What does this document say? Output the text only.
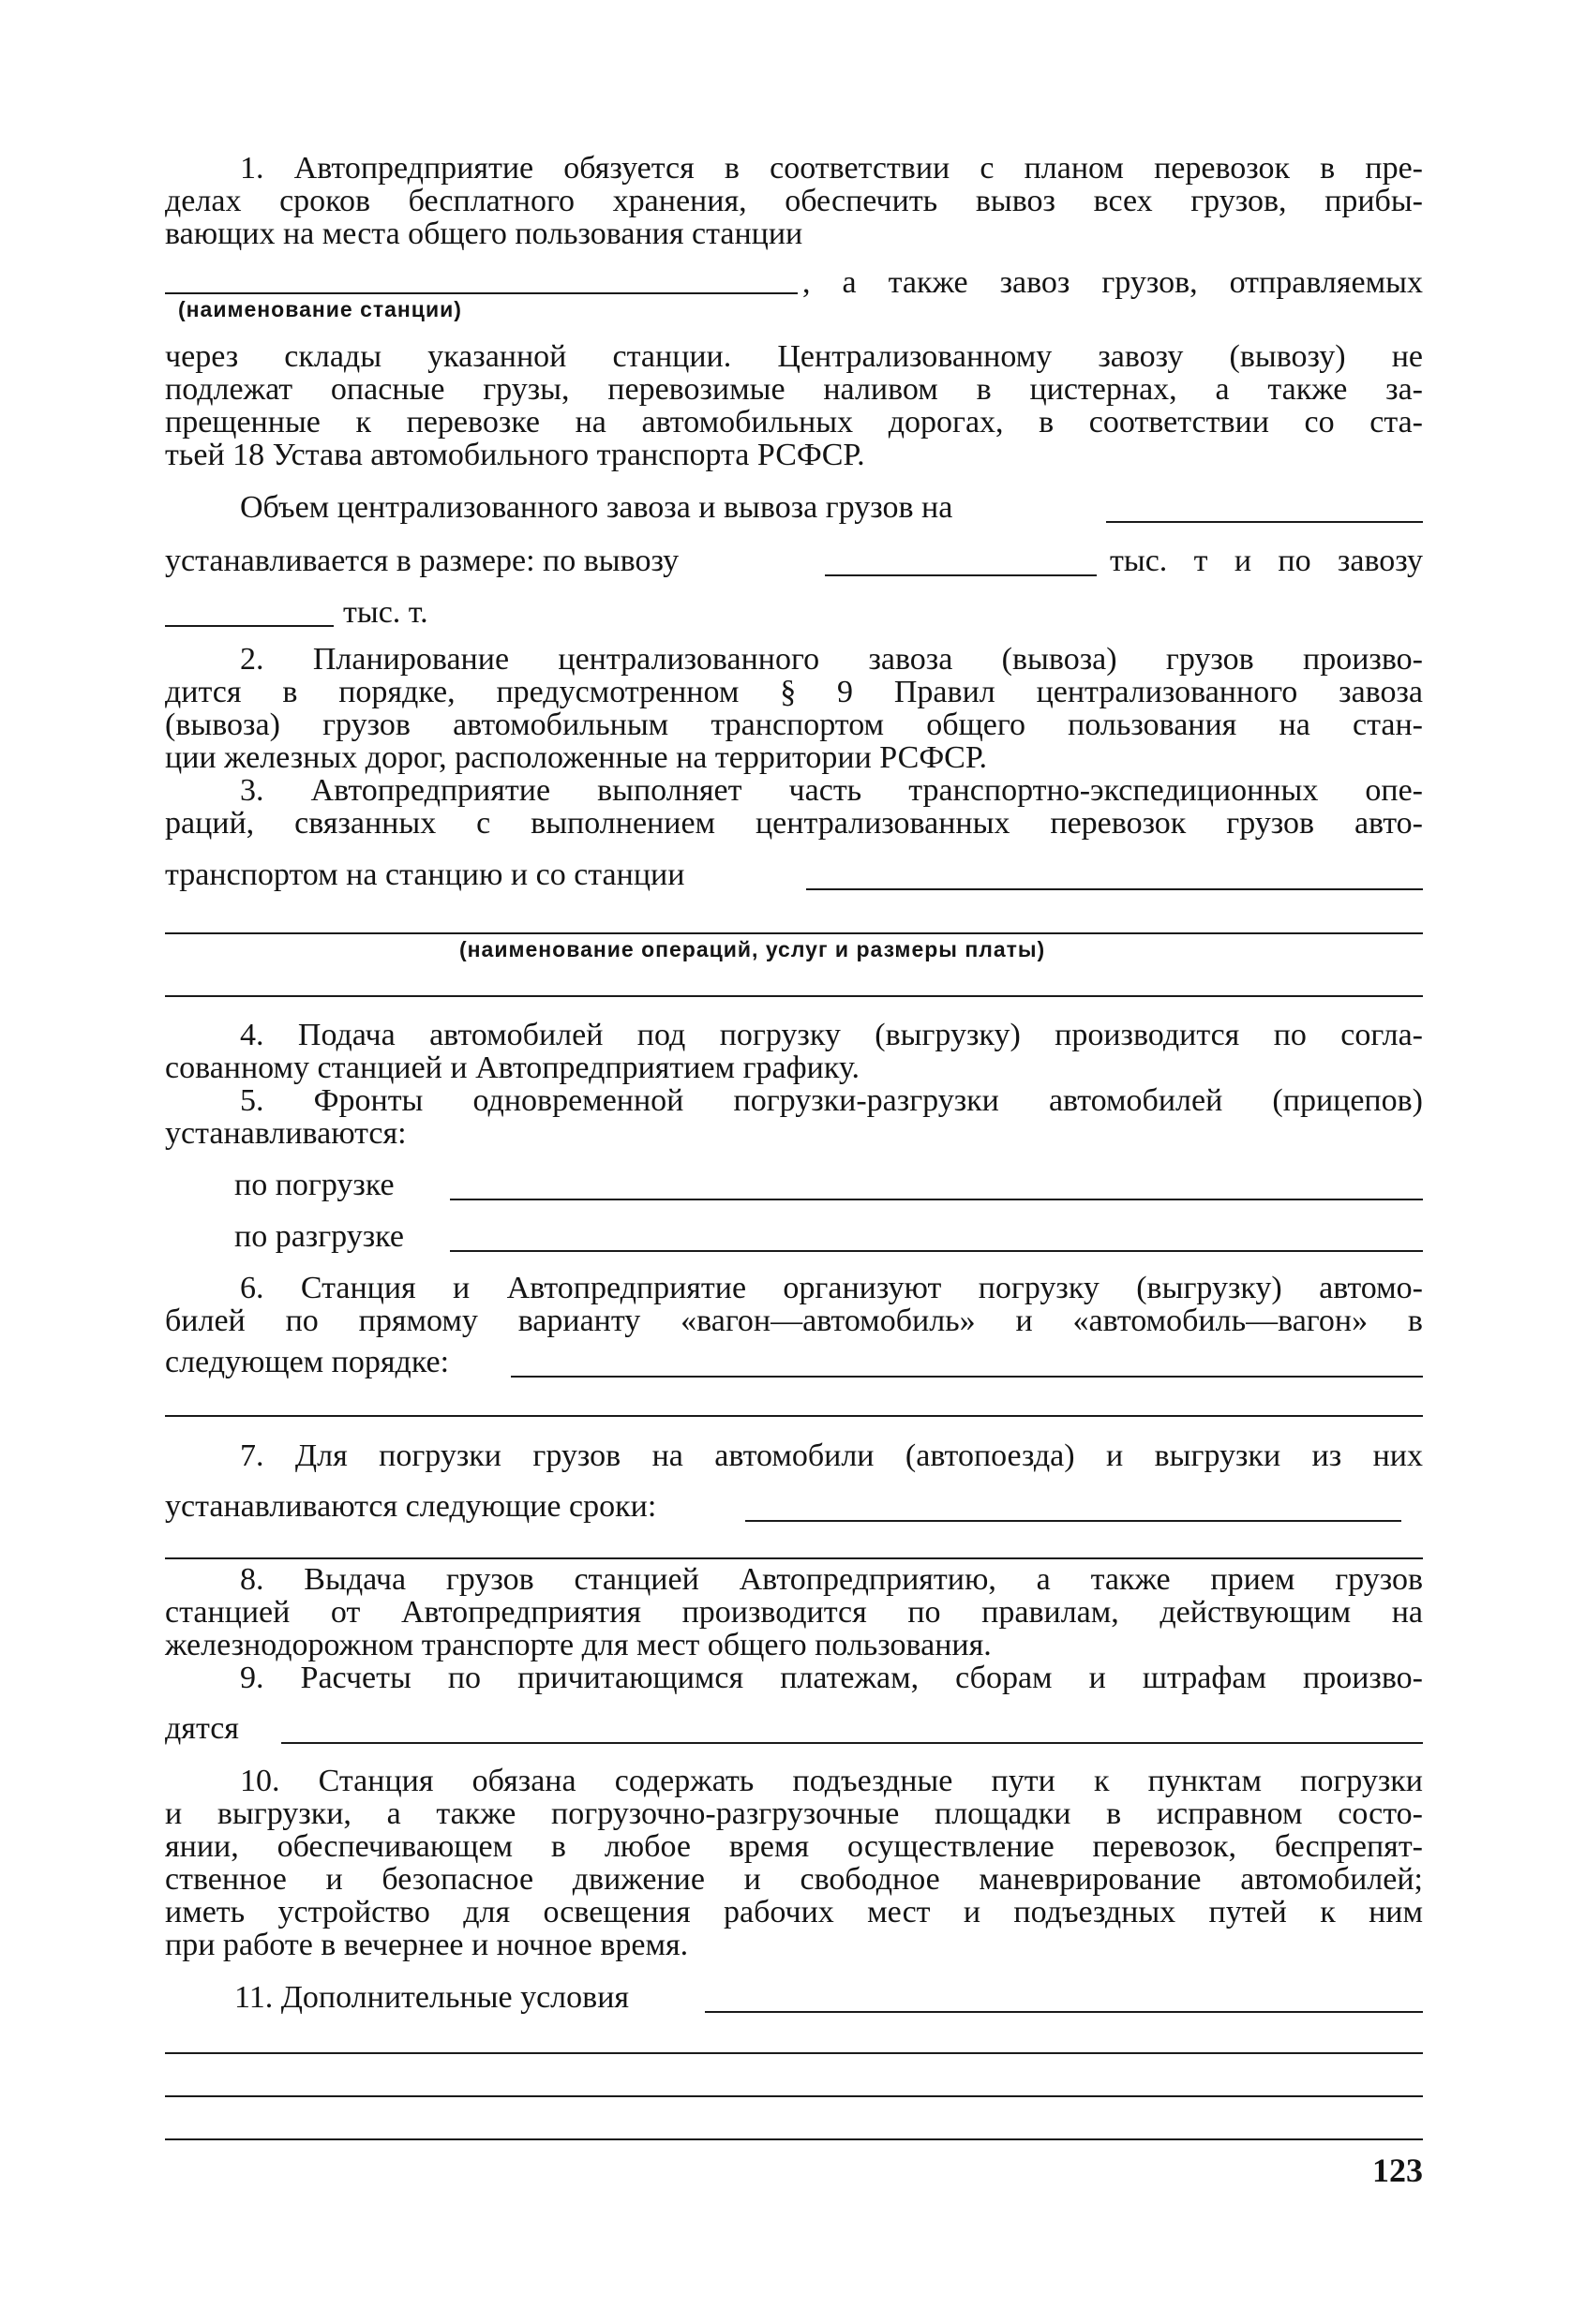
1. Автопредприятие обязуется в соответствии с планом перевозок в пре-
делах сроков бесплатного хранения, обеспечить вывоз всех грузов, прибы-
вающих на места общего пользования станции
, а также завоз грузов, отправляемых
(наименование станции)
через склады указанной станции. Централизованному завозу (вывозу) не
подлежат опасные грузы, перевозимые наливом в цистернах, а также за-
прещенные к перевозке на автомобильных дорогах, в соответствии со ста-
тьей 18 Устава автомобильного транспорта РСФСР.
Объем централизованного завоза и вывоза грузов на
устанавливается в размере: по вывозу	тыс. т и по завозу
тыс. т.
2. Планирование централизованного завоза (вывоза) грузов произво-
дится в порядке, предусмотренном § 9 Правил централизованного завоза
(вывоза) грузов автомобильным транспортом общего пользования на стан-
ции железных дорог, расположенные на территории РСФСР.
3. Автопредприятие выполняет часть транспортно-экспедиционных опе-
раций, связанных с выполнением централизованных перевозок грузов авто-
транспортом на станцию и со станции
(наименование операций, услуг и размеры платы)
4. Подача автомобилей под погрузку (выгрузку) производится по согла-
сованному станцией и Автопредприятием графику.
5. Фронты одновременной погрузки-разгрузки автомобилей (прицепов)
устанавливаются:
по погрузке
по разгрузке
6. Станция и Автопредприятие организуют погрузку (выгрузку) автомо-
билей по прямому варианту «вагон—автомобиль» и «автомобиль—вагон» в
следующем порядке:
7. Для погрузки грузов на автомобили (автопоезда) и выгрузки из них
устанавливаются следующие сроки:
8. Выдача грузов станцией Автопредприятию, а также прием грузов
станцией от Автопредприятия производится по правилам, действующим на
железнодорожном транспорте для мест общего пользования.
9. Расчеты по причитающимся платежам, сборам и штрафам произво-
дятся
10. Станция обязана содержать подъездные пути к пунктам погрузки
и выгрузки, а также погрузочно-разгрузочные площадки в исправном состо-
янии, обеспечивающем в любое время осуществление перевозок, беспрепят-
ственное и безопасное движение и свободное маневрирование автомобилей;
иметь устройство для освещения рабочих мест и подъездных путей к ним
при работе в вечернее и ночное время.
11. Дополнительные условия
123
